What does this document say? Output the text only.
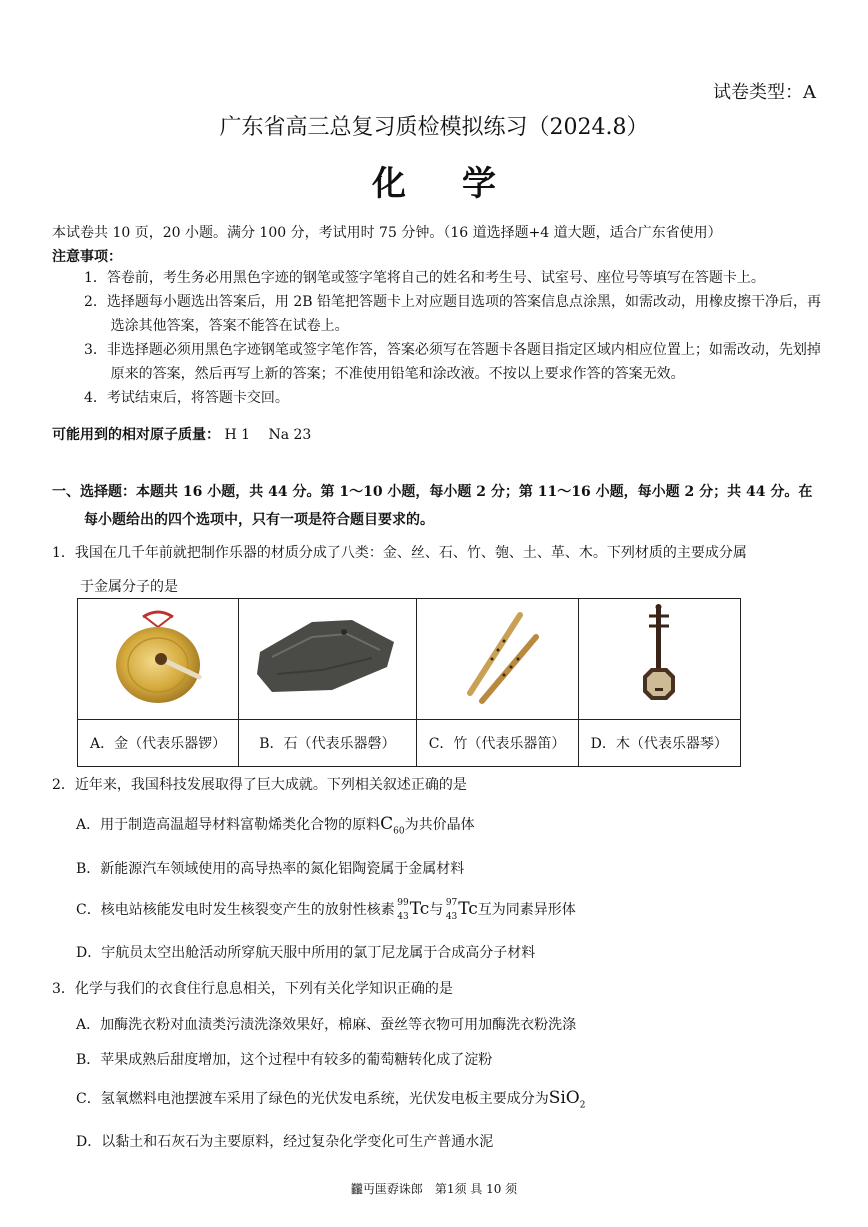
试卷类型：A
广东省高三总复习质检模拟练习（2024.8）
化学
本试卷共 10 页，20 小题。满分 100 分，考试用时 75 分钟。（16 道选择题+4 道大题，适合广东省使用）
注意事项：
1．答卷前，考生务必用黑色字迹的钢笔或签字笔将自己的姓名和考生号、试室号、座位号等填写在答题卡上。
2．选择题每小题选出答案后，用 2B 铅笔把答题卡上对应题目选项的答案信息点涂黑，如需改动，用橡皮擦干净后，再选涂其他答案，答案不能答在试卷上。
3．非选择题必须用黑色字迹钢笔或签字笔作答，答案必须写在答题卡各题目指定区域内相应位置上；如需改动，先划掉原来的答案，然后再写上新的答案；不准使用铅笔和涂改液。不按以上要求作答的答案无效。
4．考试结束后，将答题卡交回。
可能用到的相对原子质量： H 1　 Na 23
一、选择题：本题共 16 小题，共 44 分。第 1～10 小题，每小题 2 分；第 11～16 小题，每小题 2 分；共 44 分。在
每小题给出的四个选项中，只有一项是符合题目要求的。
1．我国在几千年前就把制作乐器的材质分成了八类：金、丝、石、竹、匏、土、革、木。下列材质的主要成分属
于金属分子的是

A．金（代表乐器锣）	B．石（代表乐器磬）	C．竹（代表乐器笛）	D．木（代表乐器琴）
2．近年来，我国科技发展取得了巨大成就。下列相关叙述正确的是
A．用于制造高温超导材料富勒烯类化合物的原料$C_{60}$为共价晶体
B．新能源汽车领域使用的高导热率的氮化铝陶瓷属于金属材料
C．核电站核能发电时发生核裂变产生的放射性核素 99
43 Tc与 97
43 Tc互为同素异形体
D．宇航员太空出舱活动所穿航天服中所用的氯丁尼龙属于合成高分子材料
3．化学与我们的衣食住行息息相关，下列有关化学知识正确的是
A．加酶洗衣粉对血渍类污渍洗涤效果好，棉麻、蚕丝等衣物可用加酶洗衣粉洗涤
B．苹果成熟后甜度增加，这个过程中有较多的葡萄糖转化成了淀粉
C．氢氧燃料电池摆渡车采用了绿色的光伏发电系统，光伏发电板主要成分为SiO$_2$
D．以黏土和石灰石为主要原料，经过复杂化学变化可生产普通水泥
龖丏匩孬诛郎　第1须 具 10 须
